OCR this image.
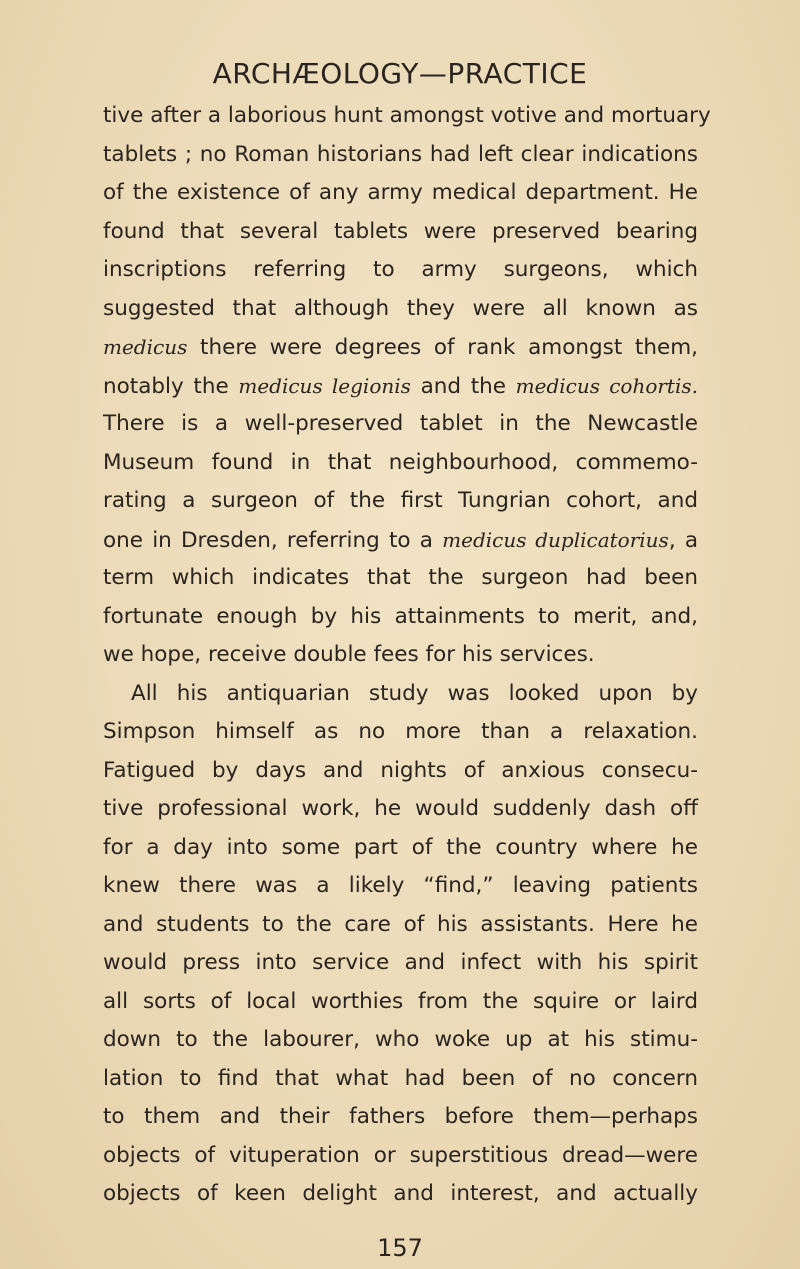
ARCHÆOLOGY—PRACTICE
tive after a laborious hunt amongst votive and mortuary
tablets ; no Roman historians had left clear indications
of the existence of any army medical department. He
found that several tablets were preserved bearing
inscriptions referring to army surgeons, which
suggested that although they were all known as
medicus there were degrees of rank amongst them,
notably the medicus legionis and the medicus cohortis.
There is a well-preserved tablet in the Newcastle
Museum found in that neighbourhood, commemo-
rating a surgeon of the first Tungrian cohort, and
one in Dresden, referring to a medicus duplicatorius, a
term which indicates that the surgeon had been
fortunate enough by his attainments to merit, and,
we hope, receive double fees for his services.
All his antiquarian study was looked upon by
Simpson himself as no more than a relaxation.
Fatigued by days and nights of anxious consecu-
tive professional work, he would suddenly dash off
for a day into some part of the country where he
knew there was a likely “find,” leaving patients
and students to the care of his assistants. Here he
would press into service and infect with his spirit
all sorts of local worthies from the squire or laird
down to the labourer, who woke up at his stimu-
lation to find that what had been of no concern
to them and their fathers before them—perhaps
objects of vituperation or superstitious dread—were
objects of keen delight and interest, and actually
157
